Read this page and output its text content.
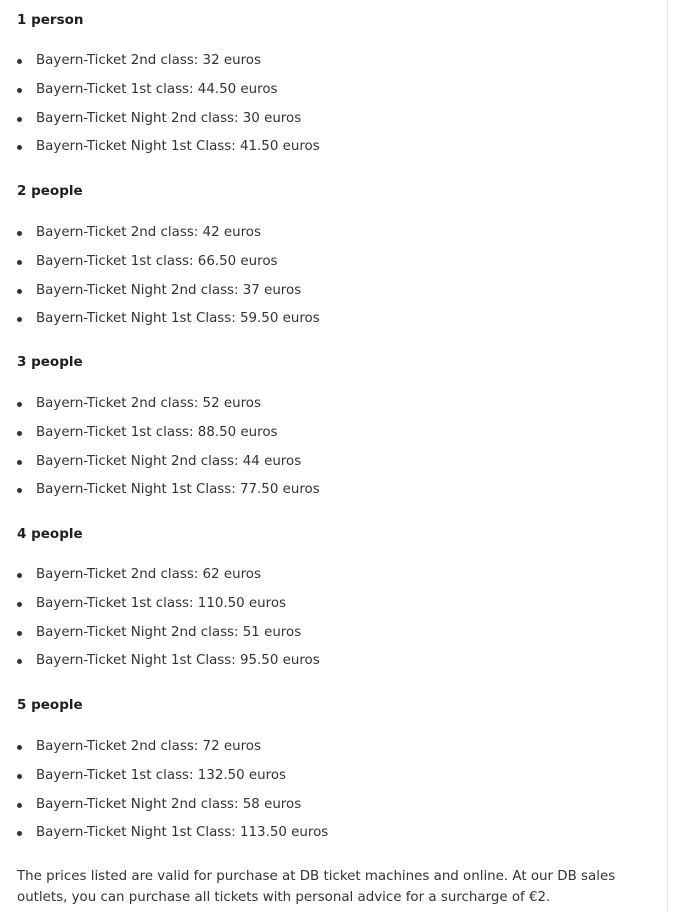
1 person
Bayern-Ticket 2nd class: 32 euros
Bayern-Ticket 1st class: 44.50 euros
Bayern-Ticket Night 2nd class: 30 euros
Bayern-Ticket Night 1st Class: 41.50 euros
2 people
Bayern-Ticket 2nd class: 42 euros
Bayern-Ticket 1st class: 66.50 euros
Bayern-Ticket Night 2nd class: 37 euros
Bayern-Ticket Night 1st Class: 59.50 euros
3 people
Bayern-Ticket 2nd class: 52 euros
Bayern-Ticket 1st class: 88.50 euros
Bayern-Ticket Night 2nd class: 44 euros
Bayern-Ticket Night 1st Class: 77.50 euros
4 people
Bayern-Ticket 2nd class: 62 euros
Bayern-Ticket 1st class: 110.50 euros
Bayern-Ticket Night 2nd class: 51 euros
Bayern-Ticket Night 1st Class: 95.50 euros
5 people
Bayern-Ticket 2nd class: 72 euros
Bayern-Ticket 1st class: 132.50 euros
Bayern-Ticket Night 2nd class: 58 euros
Bayern-Ticket Night 1st Class: 113.50 euros

The prices listed are valid for purchase at DB ticket machines and online. At our DB sales outlets, you can purchase all tickets with personal advice for a surcharge of €2.
